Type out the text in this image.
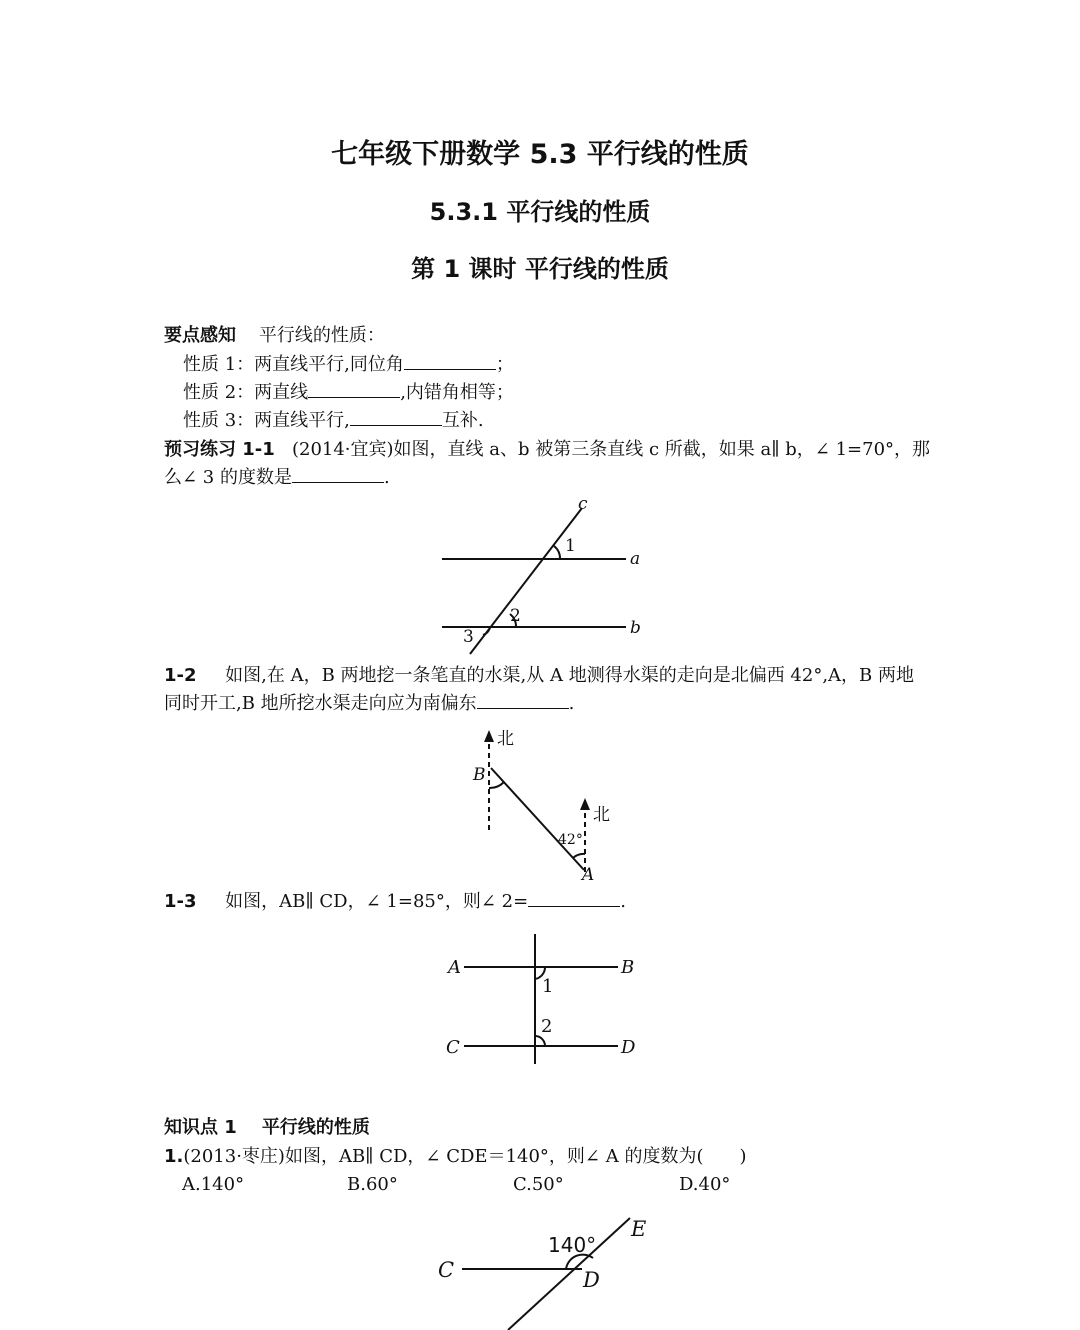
七年级下册数学 5.3 平行线的性质
5.3.1 平行线的性质
第 1 课时 平行线的性质
要点感知 平行线的性质：
性质 1：两直线平行,同位角	；
性质 2：两直线	,内错角相等；
性质 3：两直线平行,	互补.
预习练习 1-1 (2014·宜宾)如图，直线 a、b 被第三条直线 c 所截，如果 a∥ b，∠ 1=70°，那
么∠ 3 的度数是	.
c
a
b
1
2
3
1-2 如图,在 A，B 两地挖一条笔直的水渠,从 A 地测得水渠的走向是北偏西 42°,A，B 两地
同时开工,B 地所挖水渠走向应为南偏东	.
北
北
B
A
42°
1-3 如图，AB∥ CD，∠ 1=85°，则∠ 2=	.
A	B
C	D
1
2
知识点 1 平行线的性质
1.(2013·枣庄)如图，AB∥ CD，∠ CDE＝140°，则∠ A 的度数为(　　)
A.140°	B.60°	C.50°	D.40°
140°
C	D
E
